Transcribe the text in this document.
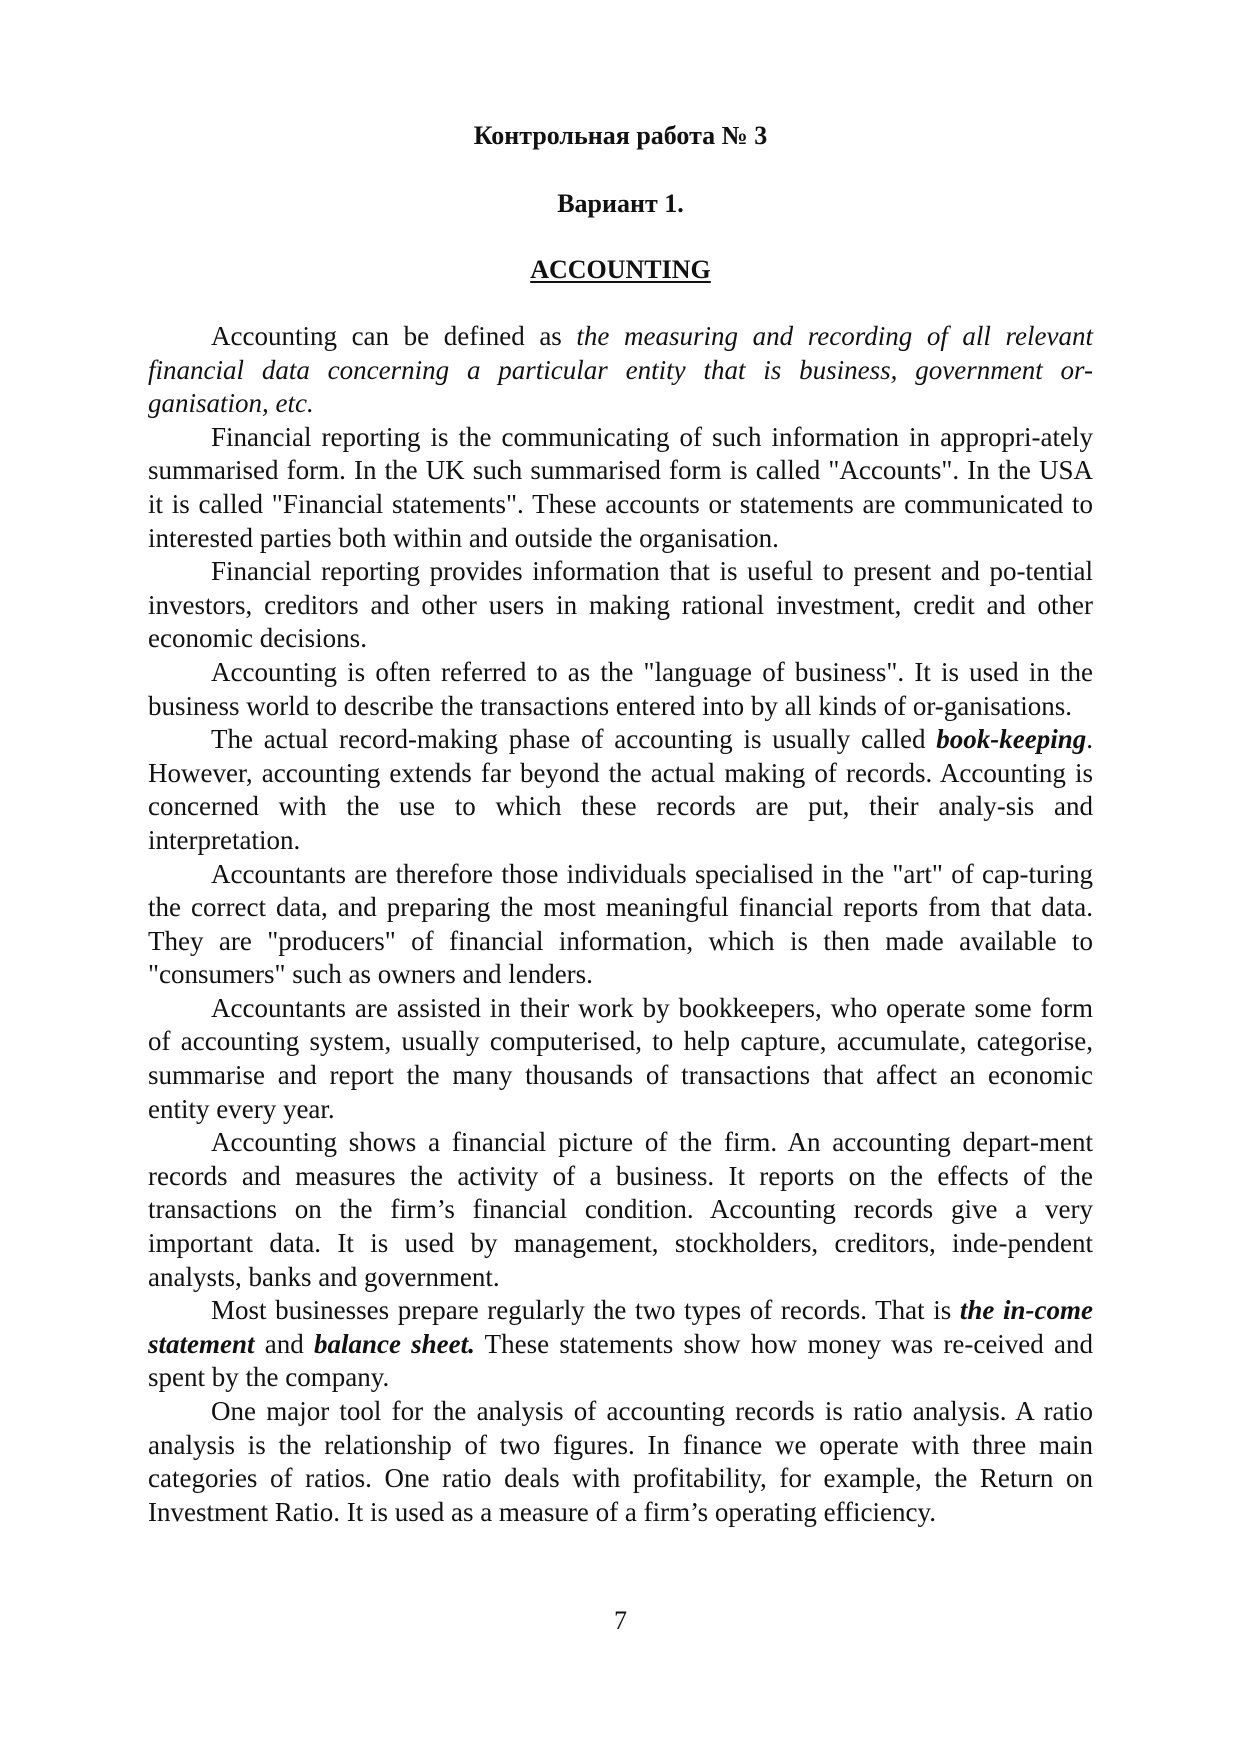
Контрольная работа № 3
Вариант 1.
ACCOUNTING

Accounting can be defined as the measuring and recording of all relevant financial data concerning a particular entity that is business, government or-ganisation, etc.

Financial reporting is the communicating of such information in appropri-ately summarised form. In the UK such summarised form is called "Accounts". In the USA it is called "Financial statements". These accounts or statements are communicated to interested parties both within and outside the organisation.

Financial reporting provides information that is useful to present and po-tential investors, creditors and other users in making rational investment, credit and other economic decisions.

Accounting is often referred to as the "language of business". It is used in the business world to describe the transactions entered into by all kinds of or-ganisations.

The actual record-making phase of accounting is usually called book-keeping. However, accounting extends far beyond the actual making of records. Accounting is concerned with the use to which these records are put, their analy-sis and interpretation.

Accountants are therefore those individuals specialised in the "art" of cap-turing the correct data, and preparing the most meaningful financial reports from that data. They are "producers" of financial information, which is then made available to "consumers" such as owners and lenders.

Accountants are assisted in their work by bookkeepers, who operate some form of accounting system, usually computerised, to help capture, accumulate, categorise, summarise and report the many thousands of transactions that affect an economic entity every year.

Accounting shows a financial picture of the firm. An accounting depart-ment records and measures the activity of a business. It reports on the effects of the transactions on the firm’s financial condition. Accounting records give a very important data. It is used by management, stockholders, creditors, inde-pendent analysts, banks and government.

Most businesses prepare regularly the two types of records. That is the in-come statement and balance sheet. These statements show how money was re-ceived and spent by the company.

One major tool for the analysis of accounting records is ratio analysis. A ratio analysis is the relationship of two figures. In finance we operate with three main categories of ratios. One ratio deals with profitability, for example, the Return on Investment Ratio. It is used as a measure of a firm’s operating efficiency.

7
